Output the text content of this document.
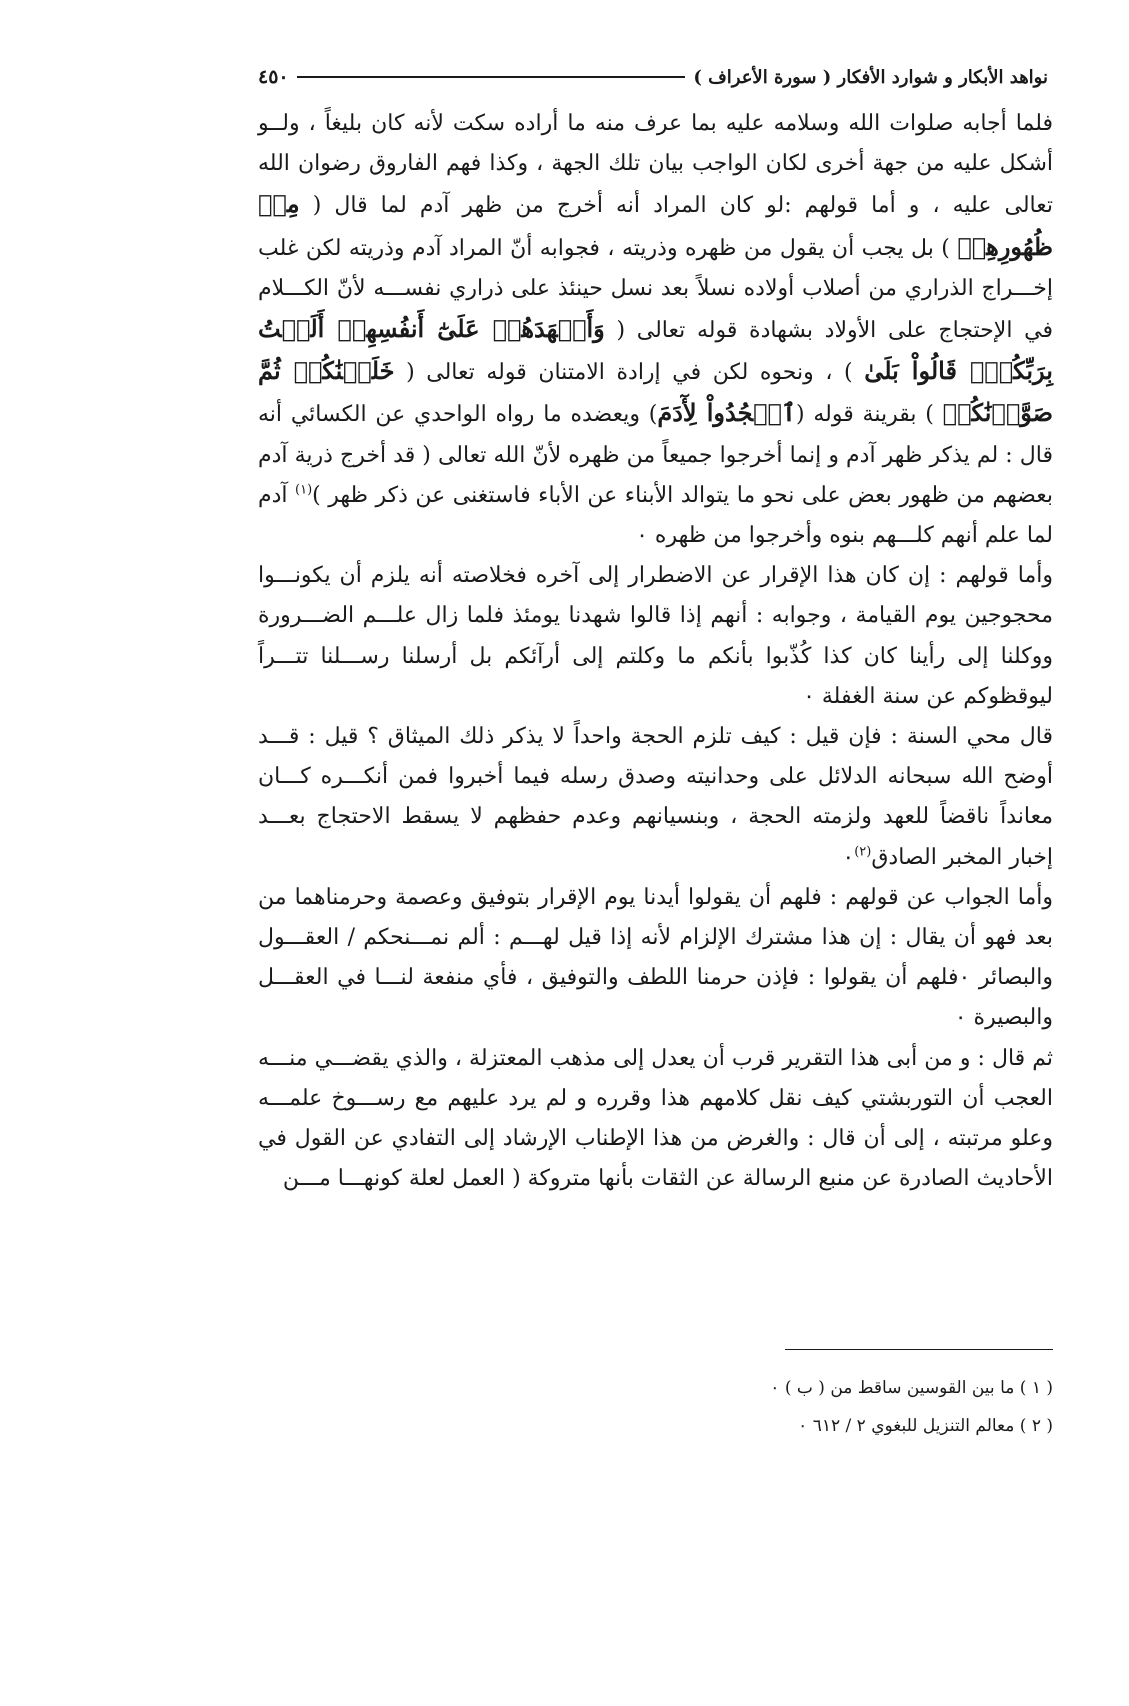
نواهد الأبكار و شوارد الأفكار ( سورة الأعراف )
٤٥٠

فلما أجابه صلوات الله وسلامه عليه بما عرف منه ما أراده سكت لأنه كان بليغاً ، ولــو أشكل عليه من جهة أخرى لكان الواجب بيان تلك الجهة ، وكذا فهم الفاروق رضوان الله تعالى عليه ، و أما قولهم :لو كان المراد أنه أخرج من ظهر آدم لما قال ( مِنۢ ظُهُورِهِمۡ ) بل يجب أن يقول من ظهره وذريته ، فجوابه أنّ المراد آدم وذريته لكن غلب إخـــراج الذراري من أصلاب أولاده نسلاً بعد نسل حينئذ على ذراري نفســـه لأنّ الكـــلام في الإحتجاج على الأولاد بشهادة قوله تعالى ( وَأَشۡهَدَهُمۡ عَلَىٰٓ أَنفُسِهِمۡ أَلَسۡتُ بِرَبِّكُمۡۖ قَالُواْ بَلَىٰ ) ، ونحوه لكن في إرادة الامتنان قوله تعالى ( خَلَقۡنَٰكُمۡ ثُمَّ صَوَّرۡنَٰكُمۡ ) بقرينة قوله (ٱسۡجُدُواْ لِأٓدَمَ) ويعضده ما رواه الواحدي عن الكسائي أنه قال : لم يذكر ظهر آدم و إنما أخرجوا جميعاً من ظهره لأنّ الله تعالى ( قد أخرج ذرية آدم بعضهم من ظهور بعض على نحو ما يتوالد الأبناء عن الأباء فاستغنى عن ذكر ظهر )$^{(١)}$ آدم لما علم أنهم كلـــهم بنوه وأخرجوا من ظهره ٠

وأما قولهم : إن كان هذا الإقرار عن الاضطرار إلى آخره فخلاصته أنه يلزم أن يكونـــوا محجوجين يوم القيامة ، وجوابه : أنهم إذا قالوا شهدنا يومئذ فلما زال علـــم الضـــرورة ووكلنا إلى رأينا كان كذا كُذّبوا بأنكم ما وكلتم إلى أرآئكم بل أرسلنا رســـلنا تتـــراً ليوقظوكم عن سنة الغفلة ٠

قال محي السنة : فإن قيل : كيف تلزم الحجة واحداً لا يذكر ذلك الميثاق ؟ قيل : قـــد أوضح الله سبحانه الدلائل على وحدانيته وصدق رسله فيما أخبروا فمن أنكـــره كـــان معانداً ناقضاً للعهد ولزمته الحجة ، وبنسيانهم وعدم حفظهم لا يسقط الاحتجاج بعـــد إخبار المخبر الصادق$^{(٢)}$٠

وأما الجواب عن قولهم : فلهم أن يقولوا أيدنا يوم الإقرار بتوفيق وعصمة وحرمناهما من بعد فهو أن يقال : إن هذا مشترك الإلزام لأنه إذا قيل لهـــم : ألم نمـــنحكم / العقـــول والبصائر ٠فلهم أن يقولوا : فإذن حرمنا اللطف والتوفيق ، فأي منفعة لنـــا في العقـــل والبصيرة ٠

ثم قال : و من أبى هذا التقرير قرب أن يعدل إلى مذهب المعتزلة ، والذي يقضـــي منـــه العجب أن التوربشتي كيف نقل كلامهم هذا وقرره و لم يرد عليهم مع رســـوخ علمـــه وعلو مرتبته ، إلى أن قال : والغرض من هذا الإطناب الإرشاد إلى التفادي عن القول في الأحاديث الصادرة عن منبع الرسالة عن الثقات بأنها متروكة ( العمل لعلة كونهـــا مـــن

( ١ ) ما بين القوسين ساقط من ( ب ) ٠
( ٢ ) معالم التنزيل للبغوي ٢ / ٦١٢ ٠
